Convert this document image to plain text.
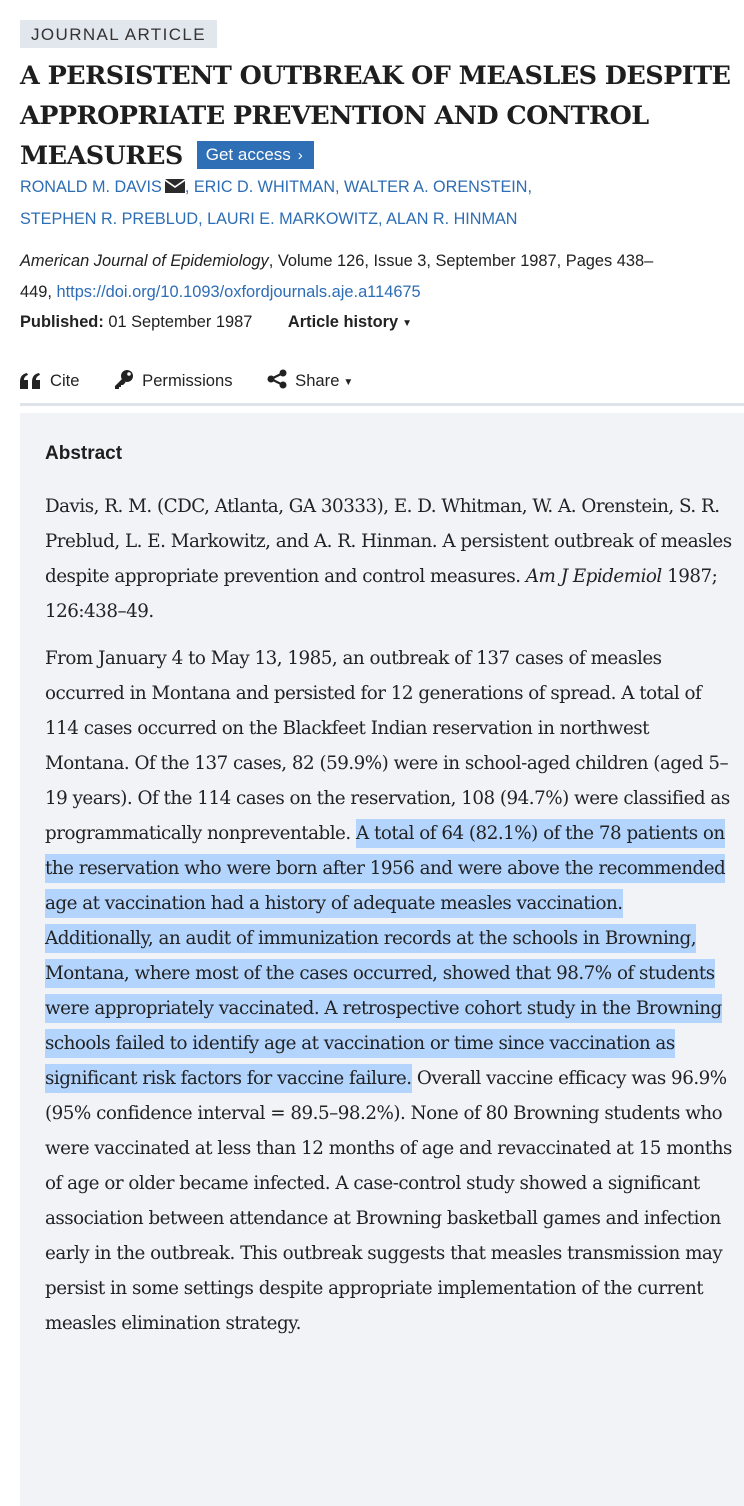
JOURNAL ARTICLE
A PERSISTENT OUTBREAK OF MEASLES DESPITE APPROPRIATE PREVENTION AND CONTROL MEASURES Get access ›
RONALD M. DAVIS , ERIC D. WHITMAN, WALTER A. ORENSTEIN,
STEPHEN R. PREBLUD, LAURI E. MARKOWITZ, ALAN R. HINMAN
American Journal of Epidemiology, Volume 126, Issue 3, September 1987, Pages 438–
449, https://doi.org/10.1093/oxfordjournals.aje.a114675
Published: 01 September 1987 Article history ▼
Cite	Permissions	Share ▼
Abstract

Davis, R. M. (CDC, Atlanta, GA 30333), E. D. Whitman, W. A. Orenstein, S. R. Preblud, L. E. Markowitz, and A. R. Hinman. A persistent outbreak of measles despite appropriate prevention and control measures. Am J Epidemiol 1987; 126:438–49.

From January 4 to May 13, 1985, an outbreak of 137 cases of measles occurred in Montana and persisted for 12 generations of spread. A total of 114 cases occurred on the Blackfeet Indian reservation in northwest Montana. Of the 137 cases, 82 (59.9%) were in school-aged children (aged 5–19 years). Of the 114 cases on the reservation, 108 (94.7%) were classified as programmatically nonpreventable. A total of 64 (82.1%) of the 78 patients on the reservation who were born after 1956 and were above the recommended age at vaccination had a history of adequate measles vaccination. Additionally, an audit of immunization records at the schools in Browning, Montana, where most of the cases occurred, showed that 98.7% of students were appropriately vaccinated. A retrospective cohort study in the Browning schools failed to identify age at vaccination or time since vaccination as significant risk factors for vaccine failure. Overall vaccine efficacy was 96.9% (95% confidence interval = 89.5–98.2%). None of 80 Browning students who were vaccinated at less than 12 months of age and revaccinated at 15 months of age or older became infected. A case-control study showed a significant association between attendance at Browning basketball games and infection early in the outbreak. This outbreak suggests that measles transmission may persist in some settings despite appropriate implementation of the current measles elimination strategy.
